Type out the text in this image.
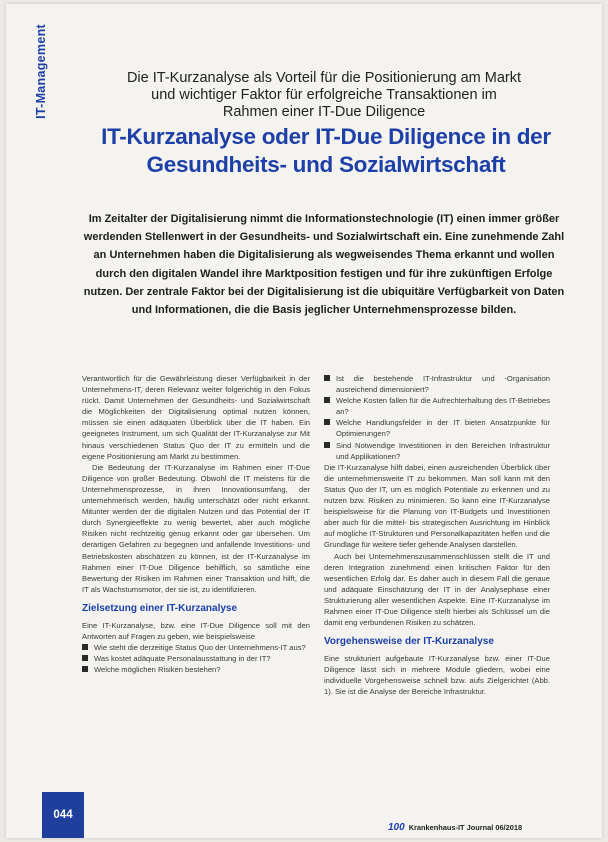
IT-Management	Die IT-Kurzanalyse als Vorteil für die Positionierung am Markt
und wichtiger Faktor für erfolgreiche Transaktionen im
Rahmen einer IT-Due Diligence
IT-Kurzanalyse oder IT-Due Diligence in der Gesundheits- und Sozialwirtschaft
Im Zeitalter der Digitalisierung nimmt die Informationstechnologie (IT) einen immer größer werdenden Stellenwert in der Gesundheits- und Sozialwirtschaft ein. Eine zunehmende Zahl an Unternehmen haben die Digitalisierung als wegweisendes Thema erkannt und wollen durch den digitalen Wandel ihre Marktposition festigen und für ihre zukünftigen Erfolge nutzen. Der zentrale Faktor bei der Digitalisierung ist die ubiquitäre Verfügbarkeit von Daten und Informationen, die die Basis jeglicher Unternehmensprozesse bilden.

Verantwortlich für die Gewährleistung dieser Verfügbarkeit in der Unternehmens-IT, deren Relevanz weiter folgerichtig in den Fokus rückt. Damit Unternehmen der Gesundheits- und Sozialwirtschaft die Möglichkeiten der Digitalisierung optimal nutzen können, müssen sie einen adäquaten Überblick über die IT haben. Ein geeignetes Instrument, um sich Qualität der IT-Kurzanalyse zur Mit hinaus verschiedenen Status Quo der IT zu ermitteln und die eigene Positionierung am Markt zu bestimmen.

Die Bedeutung der IT-Kurzanalyse im Rahmen einer IT-Due Diligence von großer Bedeutung. Obwohl die IT meistens für die Unternehmensprozesse, in ihren Innovationsumfang, der unternehmerisch werden, häufig unterschätzt oder nicht erkannt. Mitunter werden der die digitalen Nutzen und das Potential der IT durch Synergieeffekte zu wenig bewertet, aber auch mögliche Risiken nicht rechtzeitig genug erkannt oder gar übersehen. Um derartigen Gefahren zu begegnen und anfallende Investitions- und Betriebskosten abschätzen zu können, ist der IT-Kurzanalyse im Rahmen einer IT-Due Diligence behilflich, so sämtliche eine Bewertung der Risiken im Rahmen einer Transaktion und hilft, die IT als Wachstumsmotor, der sie ist, zu identifizieren.

Zielsetzung einer IT-Kurzanalyse

Eine IT-Kurzanalyse, bzw. eine IT-Due Diligence soll mit den Antworten auf Fragen zu geben, wie beispielsweise

Wie steht die derzeitige Status Quo der Unternehmens-IT aus?
Was kostet adäquate Personalausstattung in der IT?
Welche möglichen Risiken bestehen?
Ist die bestehende IT-Infrastruktur und -Organisation ausreichend dimensioniert?
Welche Kosten fallen für die Aufrechterhaltung des IT-Betriebes an?
Welche Handlungsfelder in der IT bieten Ansatzpunkte für Optimierungen?
Sind Notwendige Investitionen in den Bereichen Infrastruktur und Applikationen?

Die IT-Kurzanalyse hilft dabei, einen ausreichenden Überblick über die unternehmensweite IT zu bekommen. Man soll kann mit den Status Quo der IT, um es möglich Potentiale zu erkennen und zu nutzen bzw. Risiken zu minimieren. So kann eine IT-Kurzanalyse beispielsweise für die Planung von IT-Budgets und Investitionen aber auch für die mittel- bis strategischen Ausrichtung im Hinblick auf mögliche IT-Strukturen und Personalkapazitäten helfen und die Grundlage für weitere tiefer gehende Analysen darstellen.

Auch bei Unternehmenszusammenschlüssen stellt die IT und deren Integration zunehmend einen kritischen Faktor für den wesentlichen Erfolg dar. Es daher auch in diesem Fall die genaue und adäquate Einschätzung der IT in der Analysephase einer Strukturierung aller wesentlichen Aspekte. Eine IT-Kurzanalyse im Rahmen einer IT-Due Diligence stellt hierbei als Schlüssel um die damit eng verbundenen Risiken zu schätzen.

Vorgehensweise der IT-Kurzanalyse

Eine strukturiert aufgebaute IT-Kurzanalyse bzw. einer IT-Due Diligence lässt sich in mehrere Module gliedern, wobei eine individuelle Vorgehensweise schnell bzw. aufs Zielgerichtet (Abb. 1). Sie ist die Analyse der Bereiche Infrastruktur.

044
100 Krankenhaus-IT Journal 06/2018
